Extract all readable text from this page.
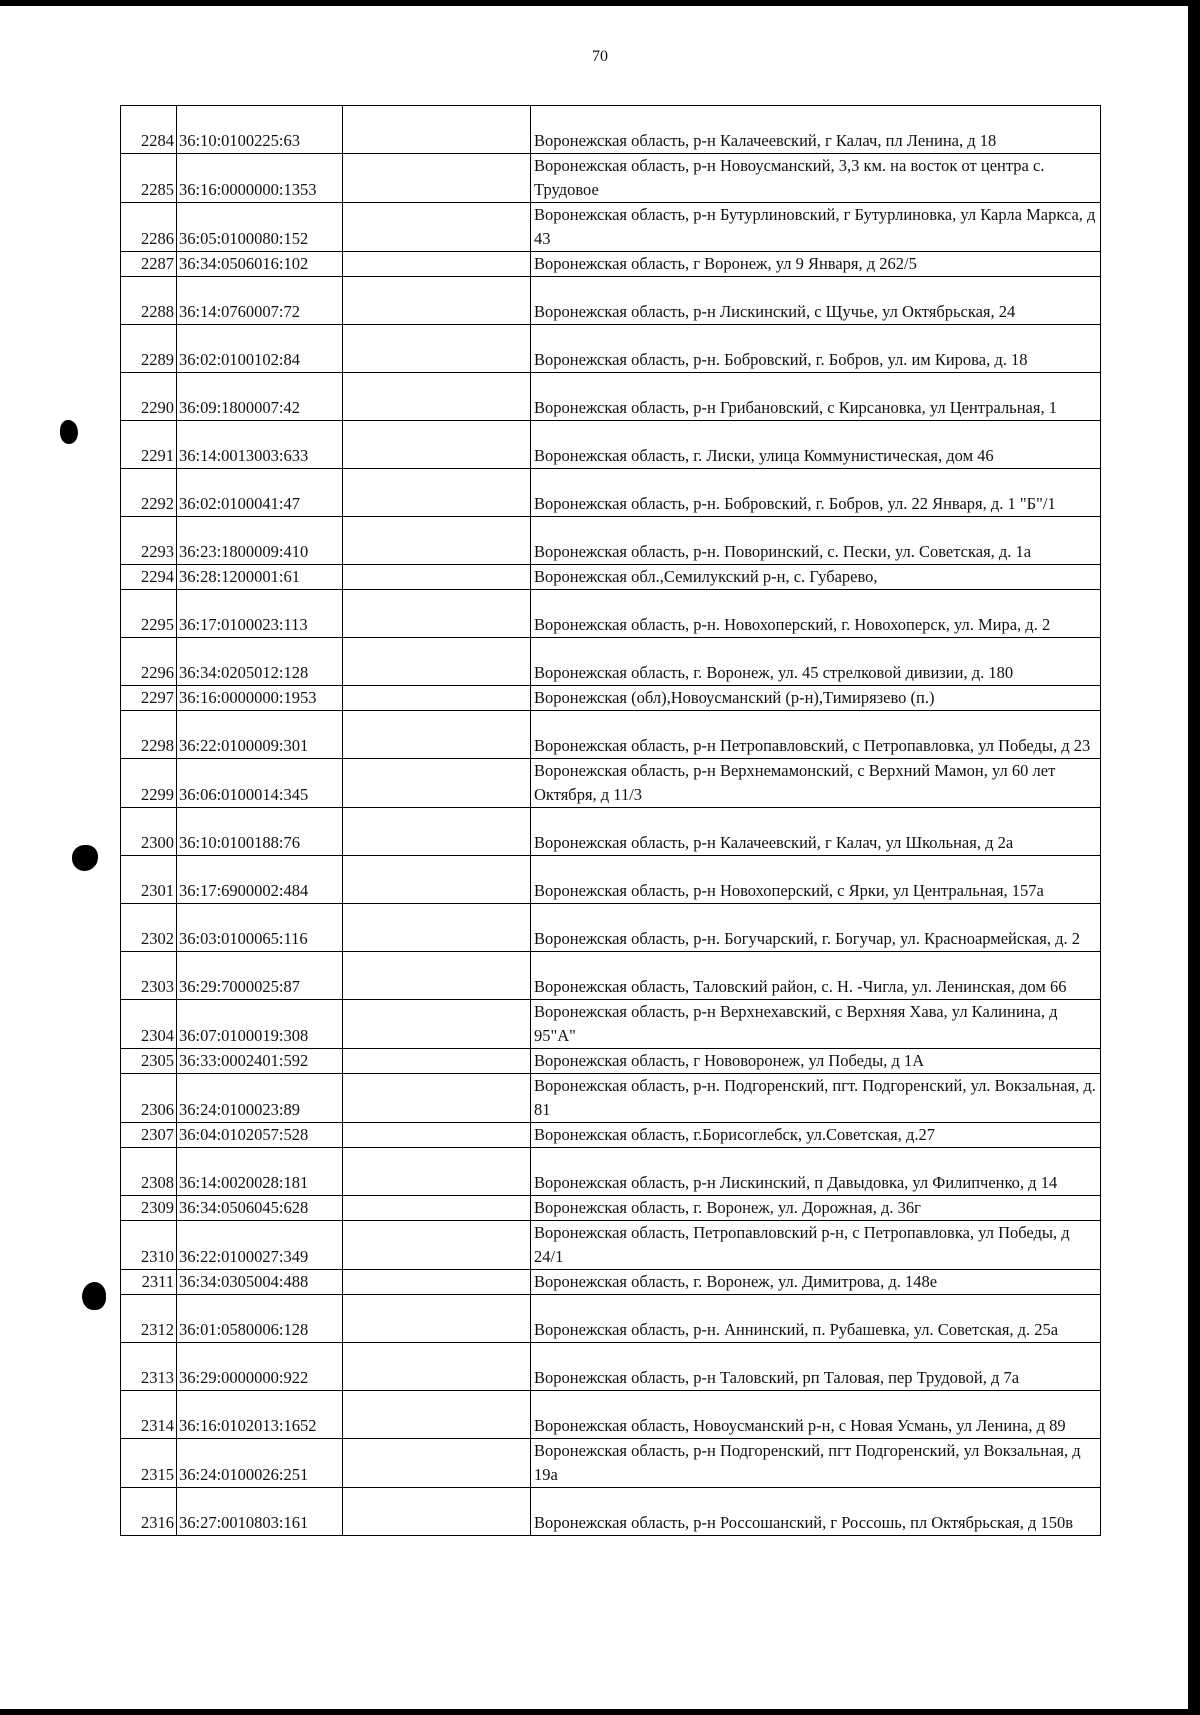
70
2284	36:10:0100225:63		Воронежская область, р-н Калачеевский, г Калач, пл Ленина, д 18
2285	36:16:0000000:1353		Воронежская область, р-н Новоусманский, 3,3 км. на восток от центра с. Трудовое
2286	36:05:0100080:152		Воронежская область, р-н Бутурлиновский, г Бутурлиновка, ул Карла Маркса, д 43
2287	36:34:0506016:102		Воронежская область, г Воронеж, ул 9 Января, д 262/5
2288	36:14:0760007:72		Воронежская область, р-н Лискинский, с Щучье, ул Октябрьская, 24
2289	36:02:0100102:84		Воронежская область, р-н. Бобровский, г. Бобров, ул. им Кирова, д. 18
2290	36:09:1800007:42		Воронежская область, р-н Грибановский, с Кирсановка, ул Центральная, 1
2291	36:14:0013003:633		Воронежская область, г. Лиски, улица Коммунистическая, дом 46
2292	36:02:0100041:47		Воронежская область, р-н. Бобровский, г. Бобров, ул. 22 Января, д. 1 "Б"/1
2293	36:23:1800009:410		Воронежская область, р-н. Поворинский, с. Пески, ул. Советская, д. 1а
2294	36:28:1200001:61		Воронежская обл.,Семилукский р-н, с. Губарево,
2295	36:17:0100023:113		Воронежская область, р-н. Новохоперский, г. Новохоперск, ул. Мира, д. 2
2296	36:34:0205012:128		Воронежская область, г. Воронеж, ул. 45 стрелковой дивизии, д. 180
2297	36:16:0000000:1953		Воронежская (обл),Новоусманский (р-н),Тимирязево (п.)
2298	36:22:0100009:301		Воронежская область, р-н Петропавловский, с Петропавловка, ул Победы, д 23
2299	36:06:0100014:345		Воронежская область, р-н Верхнемамонский, с Верхний Мамон, ул 60 лет Октября, д 11/3
2300	36:10:0100188:76		Воронежская область, р-н Калачеевский, г Калач, ул Школьная, д 2а
2301	36:17:6900002:484		Воронежская область, р-н Новохоперский, с Ярки, ул Центральная, 157а
2302	36:03:0100065:116		Воронежская область, р-н. Богучарский, г. Богучар, ул. Красноармейская, д. 2
2303	36:29:7000025:87		Воронежская область, Таловский район, с. Н. -Чигла, ул. Ленинская, дом 66
2304	36:07:0100019:308		Воронежская область, р-н Верхнехавский, с Верхняя Хава, ул Калинина, д 95"А"
2305	36:33:0002401:592		Воронежская область, г Нововоронеж, ул Победы, д 1А
2306	36:24:0100023:89		Воронежская область, р-н. Подгоренский, пгт. Подгоренский, ул. Вокзальная, д. 81
2307	36:04:0102057:528		Воронежская область, г.Борисоглебск, ул.Советская, д.27
2308	36:14:0020028:181		Воронежская область, р-н Лискинский, п Давыдовка, ул Филипченко, д 14
2309	36:34:0506045:628		Воронежская область, г. Воронеж, ул. Дорожная, д. 36г
2310	36:22:0100027:349		Воронежская область, Петропавловский р-н, с Петропавловка, ул Победы, д 24/1
2311	36:34:0305004:488		Воронежская область, г. Воронеж, ул. Димитрова, д. 148е
2312	36:01:0580006:128		Воронежская область, р-н. Аннинский, п. Рубашевка, ул. Советская, д. 25а
2313	36:29:0000000:922		Воронежская область, р-н Таловский, рп Таловая, пер Трудовой, д 7а
2314	36:16:0102013:1652		Воронежская область, Новоусманский р-н, с Новая Усмань, ул Ленина, д 89
2315	36:24:0100026:251		Воронежская область, р-н Подгоренский, пгт Подгоренский, ул Вокзальная, д 19а
2316	36:27:0010803:161		Воронежская область, р-н Россошанский, г Россошь, пл Октябрьская, д 150в
